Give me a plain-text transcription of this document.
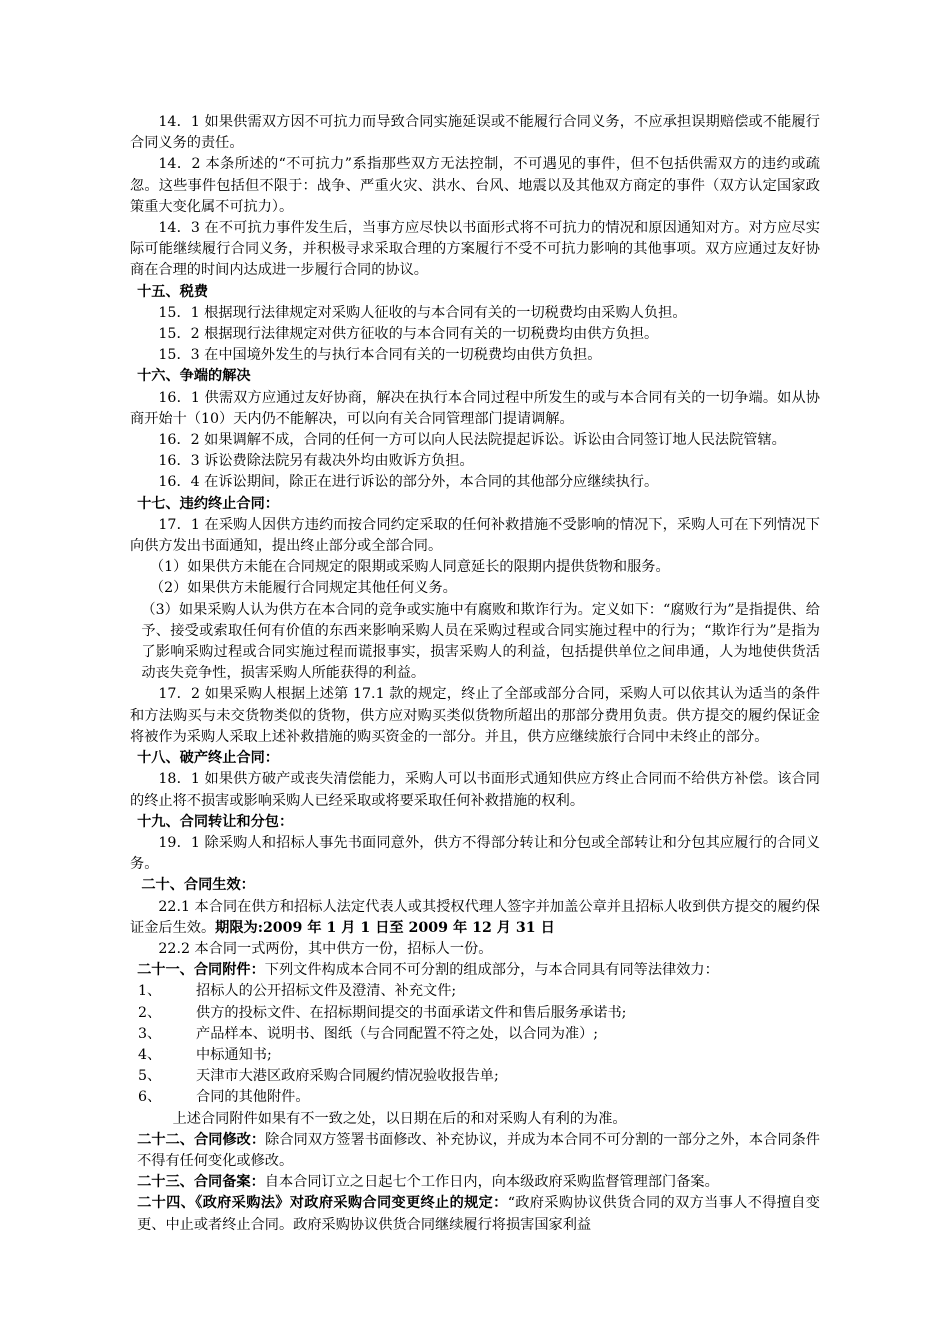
14．1 如果供需双方因不可抗力而导致合同实施延误或不能履行合同义务，不应承担误期赔偿或不能履行合同义务的责任。

14．2 本条所述的“不可抗力”系指那些双方无法控制，不可遇见的事件，但不包括供需双方的违约或疏忽。这些事件包括但不限于：战争、严重火灾、洪水、台风、地震以及其他双方商定的事件（双方认定国家政策重大变化属不可抗力）。

14．3 在不可抗力事件发生后，当事方应尽快以书面形式将不可抗力的情况和原因通知对方。对方应尽实际可能继续履行合同义务，并积极寻求采取合理的方案履行不受不可抗力影响的其他事项。双方应通过友好协商在合理的时间内达成进一步履行合同的协议。

十五、税费

15．1 根据现行法律规定对采购人征收的与本合同有关的一切税费均由采购人负担。

15．2 根据现行法律规定对供方征收的与本合同有关的一切税费均由供方负担。

15．3 在中国境外发生的与执行本合同有关的一切税费均由供方负担。

十六、争端的解决

16．1 供需双方应通过友好协商，解决在执行本合同过程中所发生的或与本合同有关的一切争端。如从协商开始十（10）天内仍不能解决，可以向有关合同管理部门提请调解。

16．2 如果调解不成，合同的任何一方可以向人民法院提起诉讼。诉讼由合同签订地人民法院管辖。

16．3 诉讼费除法院另有裁决外均由败诉方负担。

16．4 在诉讼期间，除正在进行诉讼的部分外，本合同的其他部分应继续执行。

十七、违约终止合同：

17．1 在采购人因供方违约而按合同约定采取的任何补救措施不受影响的情况下，采购人可在下列情况下向供方发出书面通知，提出终止部分或全部合同。

（1）如果供方未能在合同规定的限期或采购人同意延长的限期内提供货物和服务。

（2）如果供方未能履行合同规定其他任何义务。

（3）如果采购人认为供方在本合同的竞争或实施中有腐败和欺诈行为。定义如下：“腐败行为”是指提供、给予、接受或索取任何有价值的东西来影响采购人员在采购过程或合同实施过程中的行为；“欺诈行为”是指为了影响采购过程或合同实施过程而谎报事实，损害采购人的利益，包括提供单位之间串通，人为地使供货活动丧失竞争性，损害采购人所能获得的利益。

17．2 如果采购人根据上述第 17.1 款的规定，终止了全部或部分合同，采购人可以依其认为适当的条件和方法购买与未交货物类似的货物，供方应对购买类似货物所超出的那部分费用负责。供方提交的履约保证金将被作为采购人采取上述补救措施的购买资金的一部分。并且，供方应继续旅行合同中未终止的部分。

十八、破产终止合同：

18．1 如果供方破产或丧失清偿能力，采购人可以书面形式通知供应方终止合同而不给供方补偿。该合同的终止将不损害或影响采购人已经采取或将要采取任何补救措施的权利。

十九、合同转让和分包：

19．1 除采购人和招标人事先书面同意外，供方不得部分转让和分包或全部转让和分包其应履行的合同义务。

二十、合同生效：

22.1 本合同在供方和招标人法定代表人或其授权代理人签字并加盖公章并且招标人收到供方提交的履约保证金后生效。期限为:2009 年 1 月 1 日至 2009 年 12 月 31 日

22.2 本合同一式两份，其中供方一份，招标人一份。

二十一、合同附件：下列文件构成本合同不可分割的组成部分，与本合同具有同等法律效力：

1、	招标人的公开招标文件及澄清、补充文件;
2、	供方的投标文件、在招标期间提交的书面承诺文件和售后服务承诺书;
3、	产品样本、说明书、图纸（与合同配置不符之处，以合同为准）;
4、	中标通知书;
5、	天津市大港区政府采购合同履约情况验收报告单;
6、	合同的其他附件。

上述合同附件如果有不一致之处，以日期在后的和对采购人有利的为准。

二十二、合同修改：除合同双方签署书面修改、补充协议，并成为本合同不可分割的一部分之外，本合同条件不得有任何变化或修改。

二十三、合同备案：自本合同订立之日起七个工作日内，向本级政府采购监督管理部门备案。

二十四、《政府采购法》对政府采购合同变更终止的规定：“政府采购协议供货合同的双方当事人不得擅自变更、中止或者终止合同。政府采购协议供货合同继续履行将损害国家利益
